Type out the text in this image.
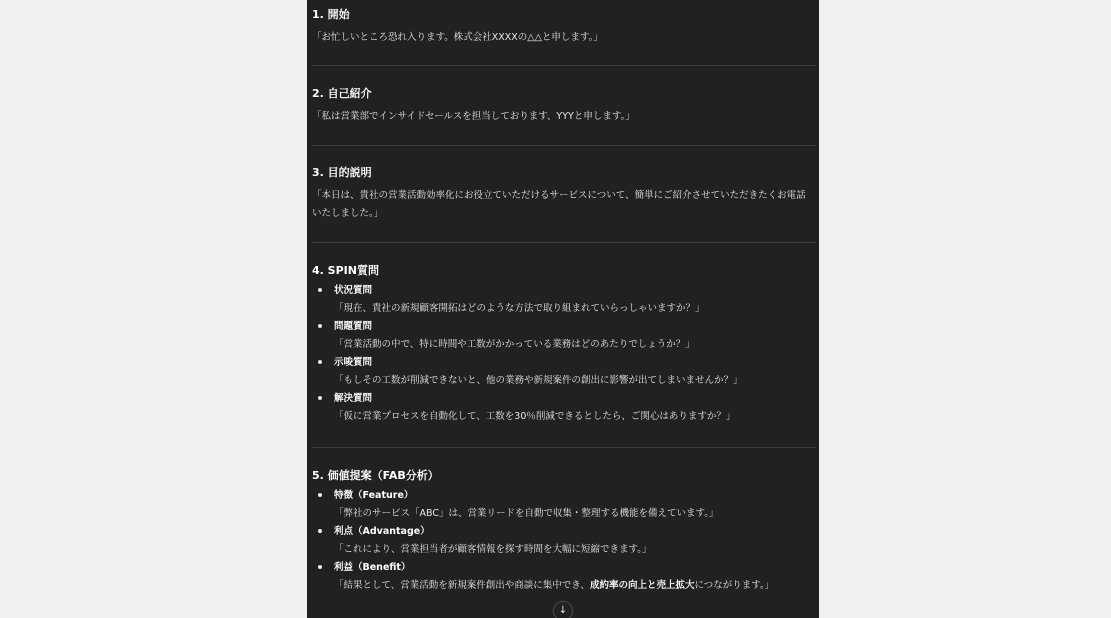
1. 開始
「お忙しいところ恐れ入ります。株式会社XXXXの△△と申します。」
2. 自己紹介
「私は営業部でインサイドセールスを担当しております、YYYと申します。」
3. 目的説明
「本日は、貴社の営業活動効率化にお役立ていただけるサービスについて、簡単にご紹介させていただきたくお電話いたしました。」
4. SPIN質問
状況質問
「現在、貴社の新規顧客開拓はどのような方法で取り組まれていらっしゃいますか？」
問題質問
「営業活動の中で、特に時間や工数がかかっている業務はどのあたりでしょうか？」
示唆質問
「もしその工数が削減できないと、他の業務や新規案件の創出に影響が出てしまいませんか？」
解決質問
「仮に営業プロセスを自動化して、工数を30％削減できるとしたら、ご関心はありますか？」
5. 価値提案（FAB分析）
特徴（Feature）
「弊社のサービス「ABC」は、営業リードを自動で収集・整理する機能を備えています。」
利点（Advantage）
「これにより、営業担当者が顧客情報を探す時間を大幅に短縮できます。」
利益（Benefit）
「結果として、営業活動を新規案件創出や商談に集中でき、成約率の向上と売上拡大につながります。」
↓
